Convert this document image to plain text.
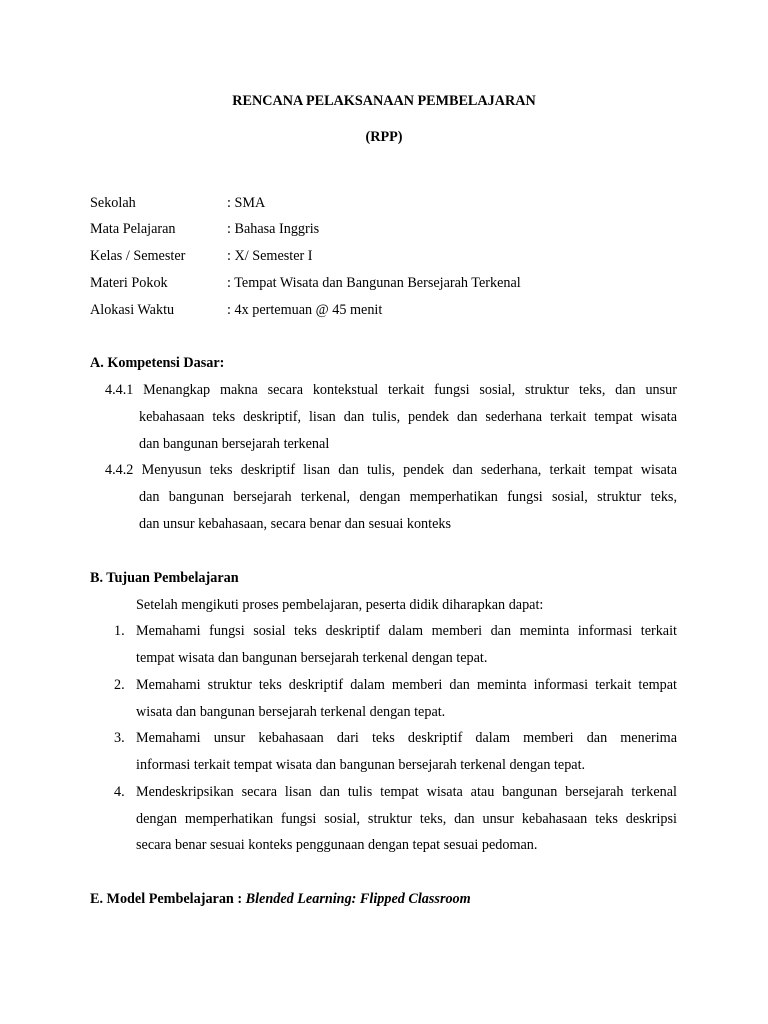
RENCANA PELAKSANAAN PEMBELAJARAN
(RPP)
Sekolah	: SMA
Mata Pelajaran	: Bahasa Inggris
Kelas / Semester	: X/ Semester I
Materi Pokok	: Tempat Wisata dan Bangunan Bersejarah Terkenal
Alokasi Waktu	: 4x pertemuan @ 45 menit
A. Kompetensi Dasar:
4.4.1 Menangkap makna secara kontekstual terkait fungsi sosial, struktur teks, dan unsur
kebahasaan teks deskriptif, lisan dan tulis, pendek dan sederhana terkait tempat wisata
dan bangunan bersejarah terkenal
4.4.2 Menyusun teks deskriptif lisan dan tulis, pendek dan sederhana, terkait tempat wisata
dan bangunan bersejarah terkenal, dengan memperhatikan fungsi sosial, struktur teks,
dan unsur kebahasaan, secara benar dan sesuai konteks
B. Tujuan Pembelajaran
Setelah mengikuti proses pembelajaran, peserta didik diharapkan dapat:
1. Memahami fungsi sosial teks deskriptif dalam memberi dan meminta informasi terkait
tempat wisata dan bangunan bersejarah terkenal dengan tepat.
2. Memahami struktur teks deskriptif dalam memberi dan meminta informasi terkait tempat
wisata dan bangunan bersejarah terkenal dengan tepat.
3. Memahami unsur kebahasaan dari teks deskriptif dalam memberi dan menerima
informasi terkait tempat wisata dan bangunan bersejarah terkenal dengan tepat.
4. Mendeskripsikan secara lisan dan tulis tempat wisata atau bangunan bersejarah terkenal
dengan memperhatikan fungsi sosial, struktur teks, dan unsur kebahasaan teks deskripsi
secara benar sesuai konteks penggunaan dengan tepat sesuai pedoman.
E. Model Pembelajaran : Blended Learning: Flipped Classroom
